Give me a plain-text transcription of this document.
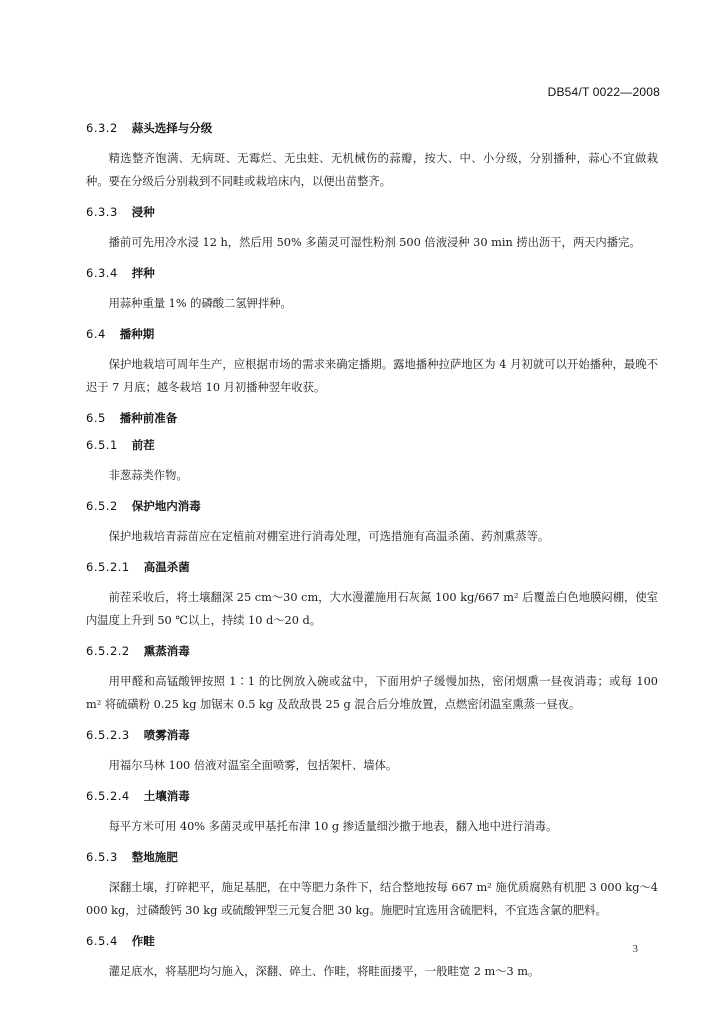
DB54/T 0022—2008
6.3.2 蒜头选择与分级
精选整齐饱满、无病斑、无霉烂、无虫蛀、无机械伤的蒜瓣，按大、中、小分级，分别播种，蒜心不宜做栽种。要在分级后分别栽到不同畦或栽培床内，以便出苗整齐。
6.3.3 浸种
播前可先用冷水浸 12 h，然后用 50% 多菌灵可湿性粉剂 500 倍液浸种 30 min 捞出沥干，两天内播完。
6.3.4 拌种
用蒜种重量 1% 的磷酸二氢钾拌种。
6.4 播种期
保护地栽培可周年生产，应根据市场的需求来确定播期。露地播种拉萨地区为 4 月初就可以开始播种，最晚不迟于 7 月底；越冬栽培 10 月初播种翌年收获。
6.5 播种前准备
6.5.1 前茬
非葱蒜类作物。
6.5.2 保护地内消毒
保护地栽培青蒜苗应在定植前对棚室进行消毒处理，可选措施有高温杀菌、药剂熏蒸等。
6.5.2.1 高温杀菌
前茬采收后，将土壤翻深 25 cm～30 cm，大水漫灌施用石灰氮 100 kg/667 m² 后覆盖白色地膜闷棚，使室内温度上升到 50 ℃以上，持续 10 d～20 d。
6.5.2.2 熏蒸消毒
用甲醛和高锰酸钾按照 1∶1 的比例放入碗或盆中，下面用炉子缓慢加热，密闭烟熏一昼夜消毒；或每 100 m² 将硫磺粉 0.25 kg 加锯末 0.5 kg 及敌敌畏 25 g 混合后分堆放置，点燃密闭温室熏蒸一昼夜。
6.5.2.3 喷雾消毒
用福尔马林 100 倍液对温室全面喷雾，包括架杆、墙体。
6.5.2.4 土壤消毒
每平方米可用 40% 多菌灵或甲基托布津 10 g 掺适量细沙撒于地表，翻入地中进行消毒。
6.5.3 整地施肥
深翻土壤，打碎耙平，施足基肥，在中等肥力条件下，结合整地按每 667 m² 施优质腐熟有机肥 3 000 kg～4 000 kg，过磷酸钙 30 kg 或硫酸钾型三元复合肥 30 kg。施肥时宜选用含硫肥料，不宜选含氯的肥料。
6.5.4 作畦
灌足底水，将基肥均匀施入，深翻、碎土、作畦，将畦面搂平，一般畦宽 2 m～3 m。
3
